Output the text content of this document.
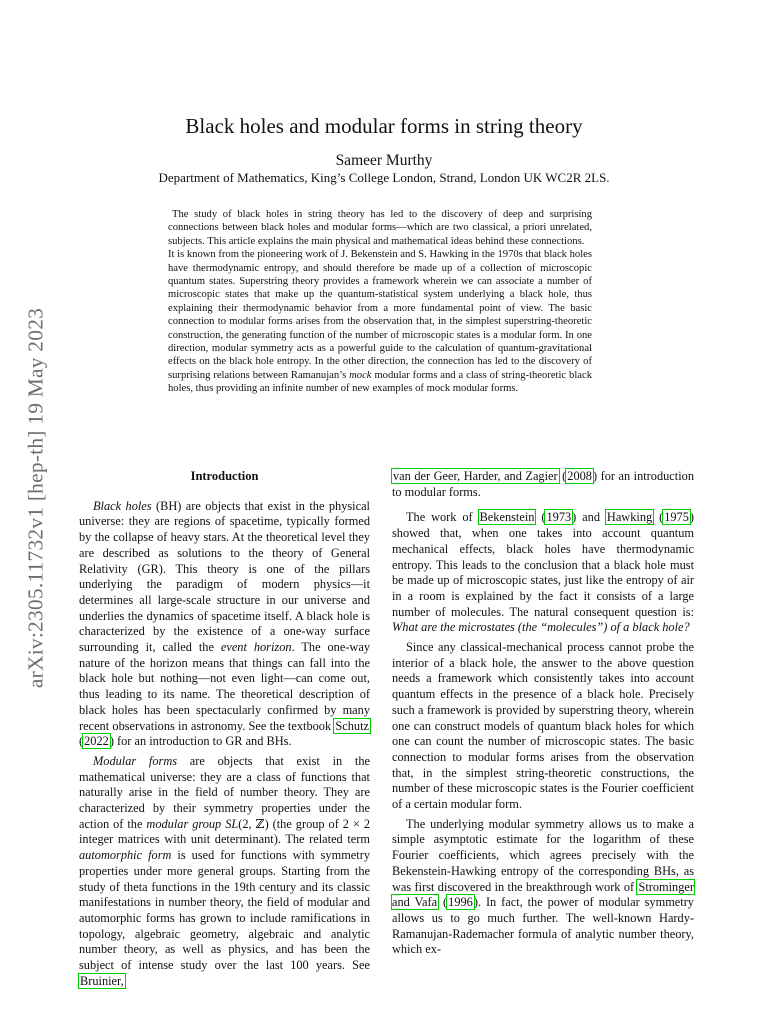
arXiv:2305.11732v1 [hep-th] 19 May 2023
Black holes and modular forms in string theory
Sameer Murthy
Department of Mathematics, King’s College London, Strand, London UK WC2R 2LS.

The study of black holes in string theory has led to the discovery of deep and surprising connections between black holes and modular forms—which are two classical, a priori unrelated, subjects. This article explains the main physical and mathematical ideas behind these connections.

It is known from the pioneering work of J. Bekenstein and S. Hawking in the 1970s that black holes have thermodynamic entropy, and should therefore be made up of a collection of microscopic quantum states. Superstring theory provides a framework wherein we can associate a number of microscopic states that make up the quantum-statistical system underlying a black hole, thus explaining their thermodynamic behavior from a more fundamental point of view. The basic connection to modular forms arises from the observation that, in the simplest superstring-theoretic construction, the generating function of the number of microscopic states is a modular form. In one direction, modular symmetry acts as a powerful guide to the calculation of quantum-gravitational effects on the black hole entropy. In the other direction, the connection has led to the discovery of surprising relations between Ramanujan’s mock modular forms and a class of string-theoretic black holes, thus providing an infinite number of new examples of mock modular forms.

Introduction

Black holes (BH) are objects that exist in the physical universe: they are regions of spacetime, typically formed by the collapse of heavy stars. At the theoretical level they are described as solutions to the theory of General Relativity (GR). This theory is one of the pillars underlying the paradigm of modern physics—it determines all large-scale structure in our universe and underlies the dynamics of spacetime itself. A black hole is characterized by the existence of a one-way surface surrounding it, called the event horizon. The one-way nature of the horizon means that things can fall into the black hole but nothing—not even light—can come out, thus leading to its name. The theoretical description of black holes has been spectacularly confirmed by many recent observations in astronomy. See the textbook Schutz (2022) for an introduction to GR and BHs.

Modular forms are objects that exist in the mathematical universe: they are a class of functions that naturally arise in the field of number theory. They are characterized by their symmetry properties under the action of the modular group SL(2, ℤ) (the group of 2 × 2 integer matrices with unit determinant). The related term automorphic form is used for functions with symmetry properties under more general groups. Starting from the study of theta functions in the 19th century and its classic manifestations in number theory, the field of modular and automorphic forms has grown to include ramifications in topology, algebraic geometry, algebraic and analytic number theory, as well as physics, and has been the subject of intense study over the last 100 years. See Bruinier,

van der Geer, Harder, and Zagier (2008) for an introduction to modular forms.

The work of Bekenstein (1973) and Hawking (1975) showed that, when one takes into account quantum mechanical effects, black holes have thermodynamic entropy. This leads to the conclusion that a black hole must be made up of microscopic states, just like the entropy of air in a room is explained by the fact it consists of a large number of molecules. The natural consequent question is: What are the microstates (the “molecules”) of a black hole?

Since any classical-mechanical process cannot probe the interior of a black hole, the answer to the above question needs a framework which consistently takes into account quantum effects in the presence of a black hole. Precisely such a framework is provided by superstring theory, wherein one can construct models of quantum black holes for which one can count the number of microscopic states. The basic connection to modular forms arises from the observation that, in the simplest string-theoretic constructions, the number of these microscopic states is the Fourier coefficient of a certain modular form.

The underlying modular symmetry allows us to make a simple asymptotic estimate for the logarithm of these Fourier coefficients, which agrees precisely with the Bekenstein-Hawking entropy of the corresponding BHs, as was first discovered in the breakthrough work of Strominger and Vafa (1996). In fact, the power of modular symmetry allows us to go much further. The well-known Hardy-Ramanujan-Rademacher formula of analytic number theory, which ex-
